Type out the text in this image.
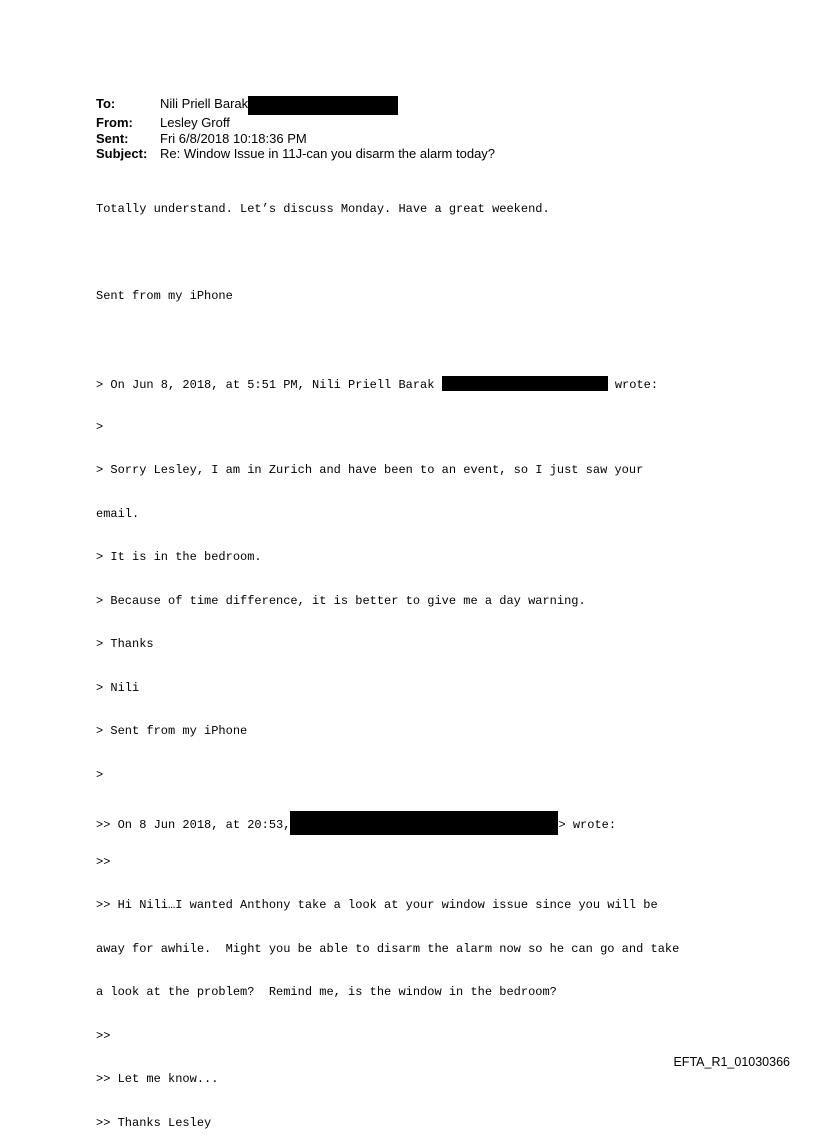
To:	Nili Priell Barak
From:	Lesley Groff
Sent:	Fri 6/8/2018 10:18:36 PM
Subject: Re: Window Issue in 11J-can you disarm the alarm today?

Totally understand. Let’s discuss Monday. Have a great weekend.

Sent from my iPhone

> On Jun 8, 2018, at 5:51 PM, Nili Priell Barak	wrote:

>

> Sorry Lesley, I am in Zurich and have been to an event, so I just saw your

email.

> It is in the bedroom.

> Because of time difference, it is better to give me a day warning.

> Thanks

> Nili

> Sent from my iPhone

>

>> On 8 Jun 2018, at 20:53,	> wrote:

>>

>> Hi Nili…I wanted Anthony take a look at your window issue since you will be

away for awhile.  Might you be able to disarm the alarm now so he can go and take

a look at the problem?  Remind me, is the window in the bedroom?

>>

>> Let me know...

>> Thanks Lesley

EFTA_R1_01030366
